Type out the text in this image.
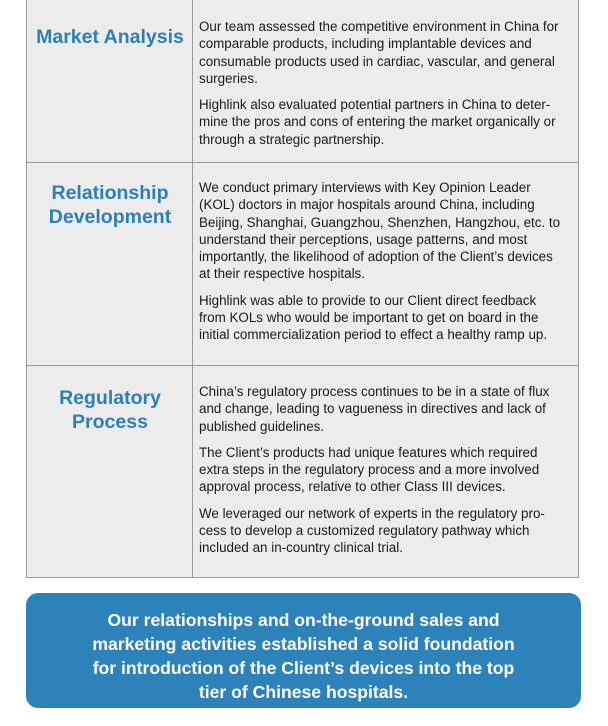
Market Analysis	Our team assessed the competitive environment in China for
comparable products, including implantable devices and
consumable products used in cardiac, vascular, and general
surgeries.

Highlink also evaluated potential partners in China to deter-
mine the pros and cons of entering the market organically or
through a strategic partnership.

Relationship
Development

We conduct primary interviews with Key Opinion Leader
(KOL) doctors in major hospitals around China, including
Beijing, Shanghai, Guangzhou, Shenzhen, Hangzhou, etc. to
understand their perceptions, usage patterns, and most
importantly, the likelihood of adoption of the Client’s devices
at their respective hospitals.

Highlink was able to provide to our Client direct feedback
from KOLs who would be important to get on board in the
initial commercialization period to effect a healthy ramp up.

Regulatory
Process

China’s regulatory process continues to be in a state of flux
and change, leading to vagueness in directives and lack of
published guidelines.

The Client’s products had unique features which required
extra steps in the regulatory process and a more involved
approval process, relative to other Class III devices.

We leveraged our network of experts in the regulatory pro-
cess to develop a customized regulatory pathway which
included an in-country clinical trial.

Our relationships and on-the-ground sales and
marketing activities established a solid foundation
for introduction of the Client’s devices into the top
tier of Chinese hospitals.
